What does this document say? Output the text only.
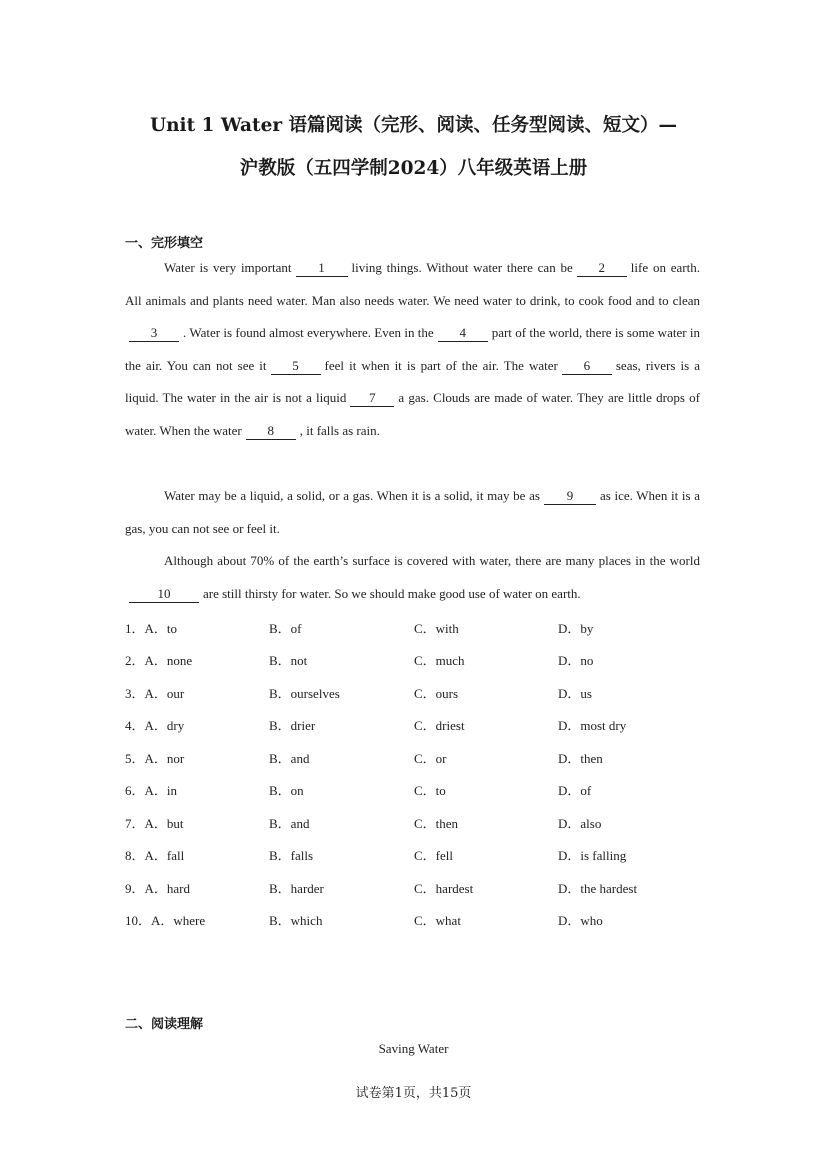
Unit 1 Water 语篇阅读（完形、阅读、任务型阅读、短文）—
沪教版（五四学制2024）八年级英语上册
一、完形填空
Water is very important 1 living things. Without water there can be 2 life on earth. All animals and plants need water. Man also needs water. We need water to drink, to cook food and to clean3 . Water is found almost everywhere. Even in the 4 part of the world, there is some water in the air. You can not see it 5 feel it when it is part of the air. The water 6 seas, rivers is a liquid. The water in the air is not a liquid 7 a gas. Clouds are made of water. They are little drops of water. When the water 8 , it falls as rain.
Water may be a liquid, a solid, or a gas. When it is a solid, it may be as 9 as ice. When it is a gas, you can not see or feel it.
Although about 70% of the earth’s surface is covered with water, there are many places in the world10	are still thirsty for water. So we should make good use of water on earth.
1．A．to	B．of	C．with	D．by
2．A．none	B．not	C．much	D．no
3．A．our	B．ourselves	C．ours	D．us
4．A．dry	B．drier	C．driest	D．most dry
5．A．nor	B．and	C．or	D．then
6．A．in	B．on	C．to	D．of
7．A．but	B．and	C．then	D．also
8．A．fall	B．falls	C．fell	D．is falling
9．A．hard	B．harder	C．hardest	D．the hardest
10．A．where	B．which	C．what	D．who
二、阅读理解
Saving Water
试卷第1页，共15页
